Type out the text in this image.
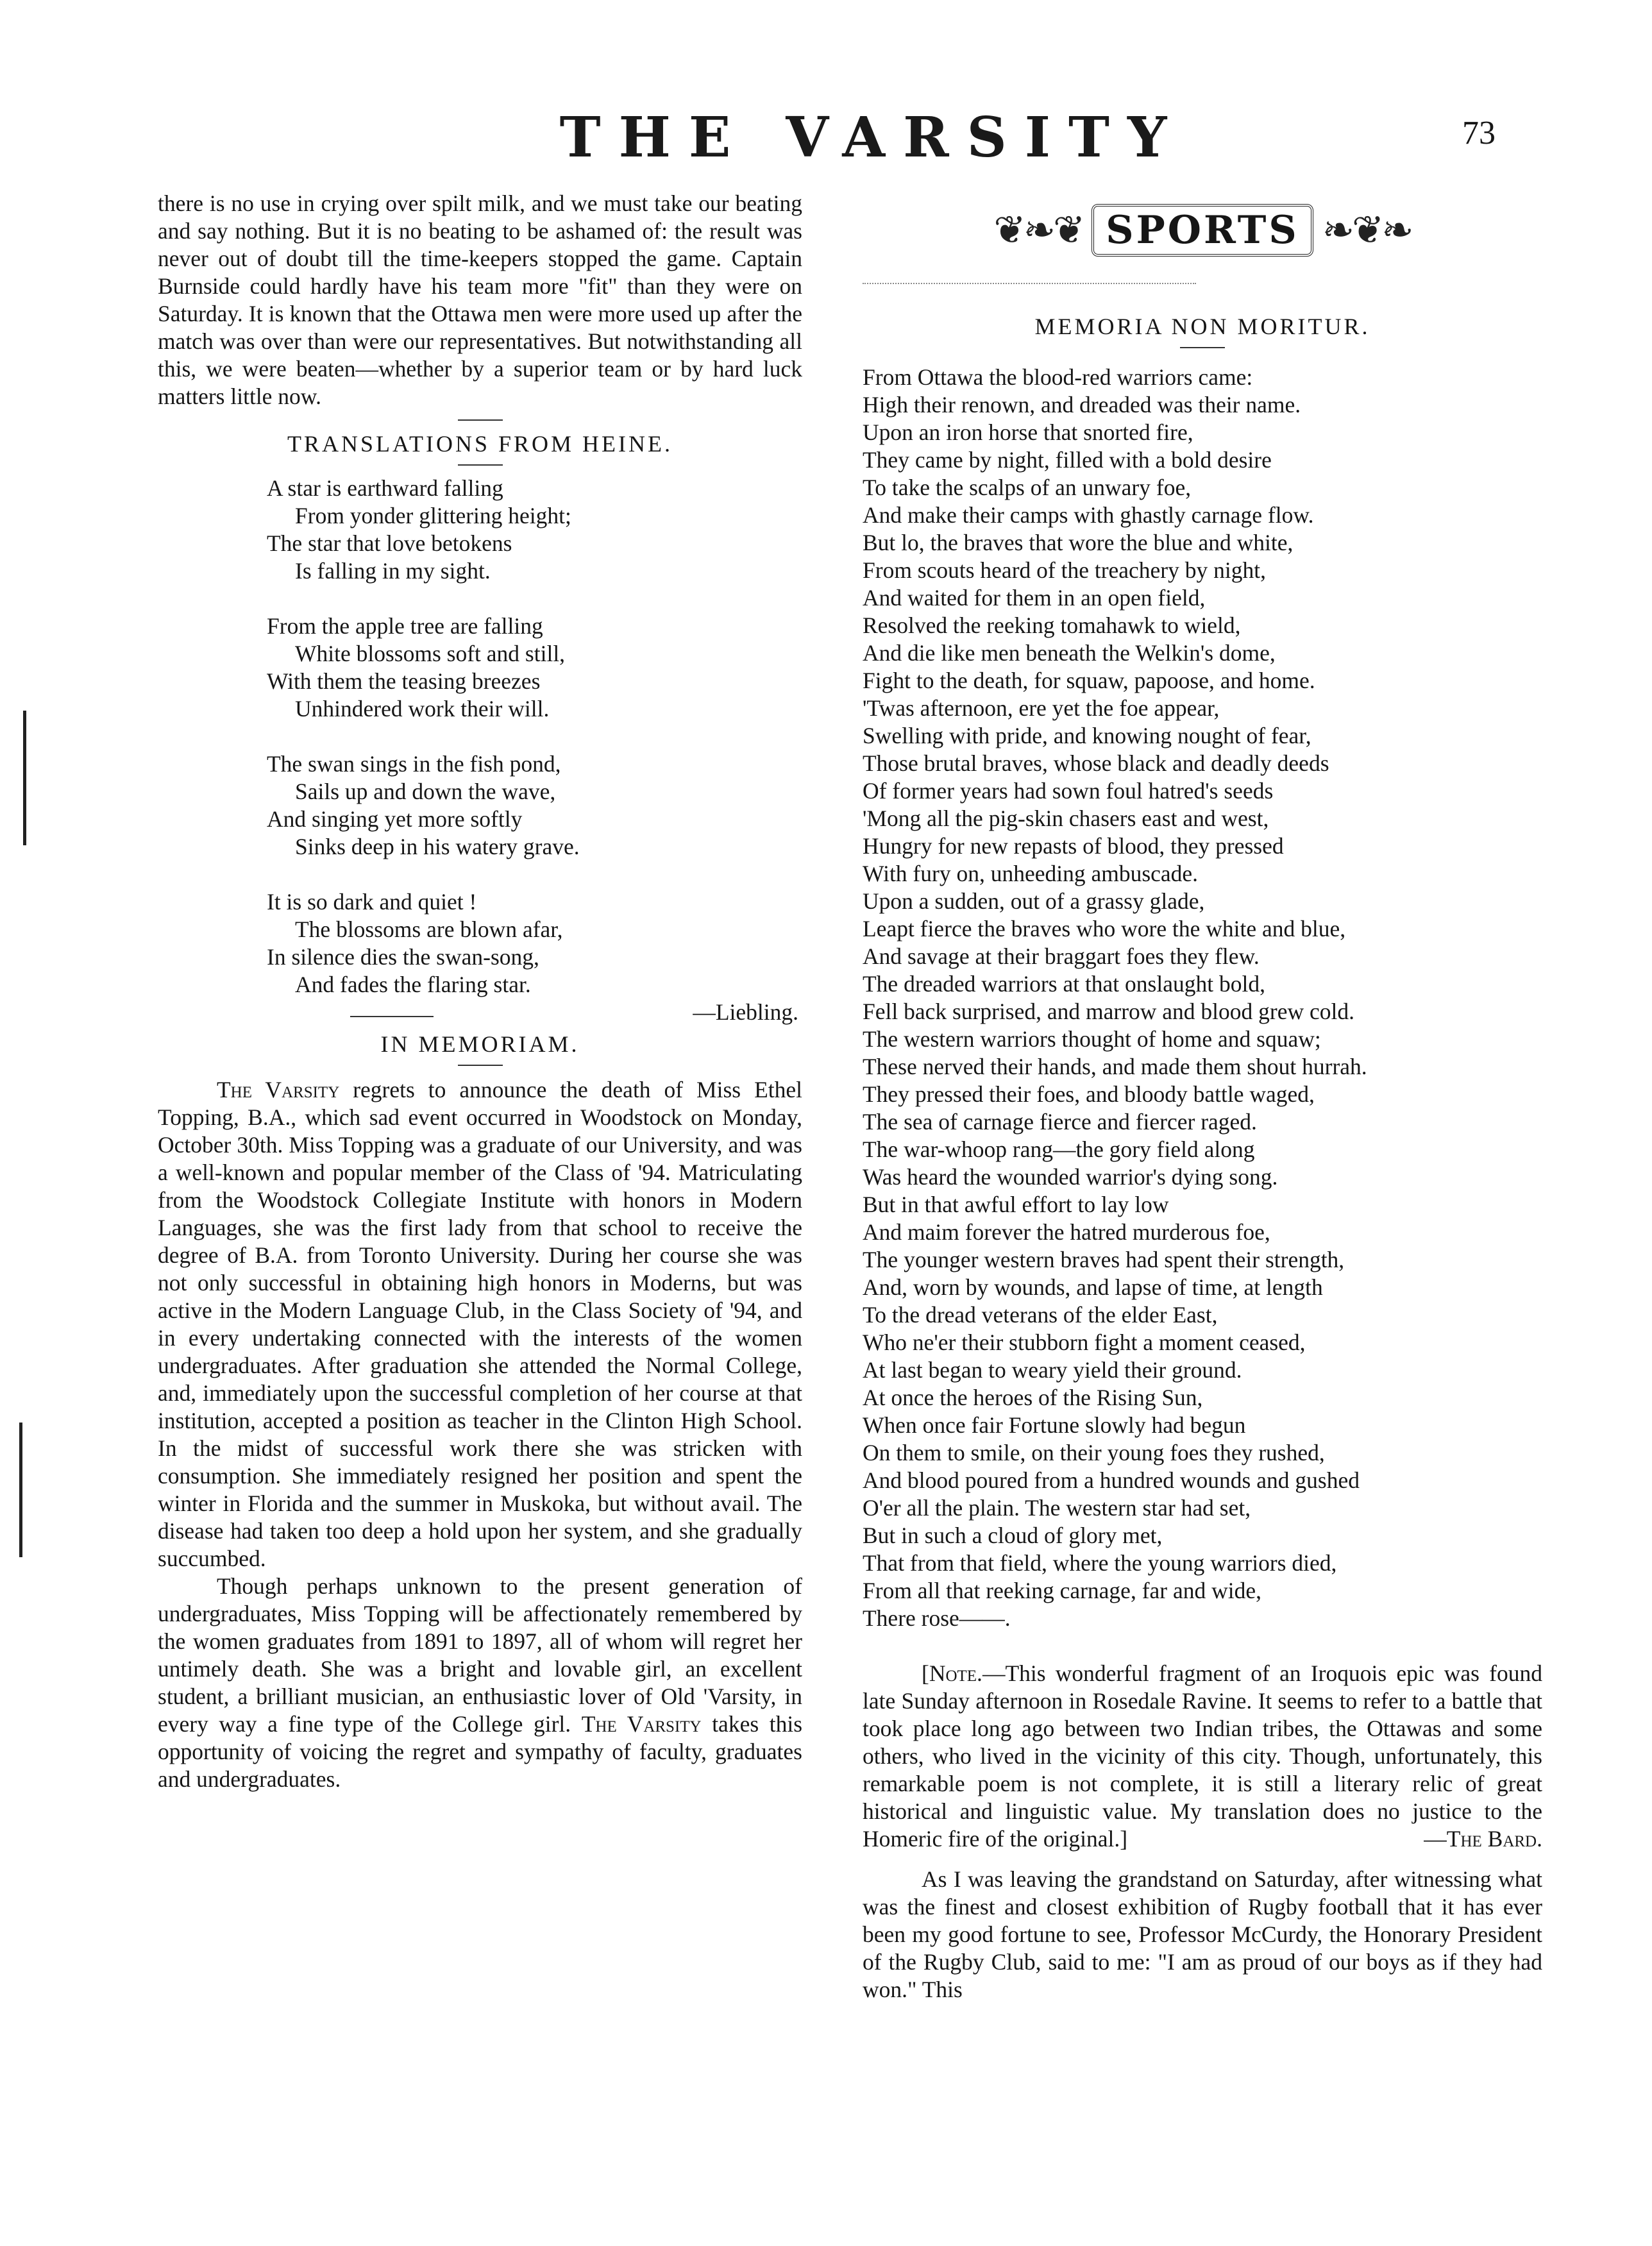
THE VARSITY	73

there is no use in crying over spilt milk, and we must take our beating and say nothing. But it is no beating to be ashamed of: the result was never out of doubt till the time-keepers stopped the game. Captain Burnside could hardly have his team more "fit" than they were on Saturday. It is known that the Ottawa men were more used up after the match was over than were our representatives. But notwithstanding all this, we were beaten—whether by a superior team or by hard luck matters little now.

TRANSLATIONS FROM HEINE.

A star is earthward falling
From yonder glittering height;
The star that love betokens
Is falling in my sight.
From the apple tree are falling
White blossoms soft and still,
With them the teasing breezes
Unhindered work their will.
The swan sings in the fish pond,
Sails up and down the wave,
And singing yet more softly
Sinks deep in his watery grave.
It is so dark and quiet !
The blossoms are blown afar,
In silence dies the swan-song,
And fades the flaring star.

—Liebling.

IN MEMORIAM.

The Varsity regrets to announce the death of Miss Ethel Topping, B.A., which sad event occurred in Woodstock on Monday, October 30th. Miss Topping was a graduate of our University, and was a well-known and popular member of the Class of '94. Matriculating from the Woodstock Collegiate Institute with honors in Modern Languages, she was the first lady from that school to receive the degree of B.A. from Toronto University. During her course she was not only successful in obtaining high honors in Moderns, but was active in the Modern Language Club, in the Class Society of '94, and in every undertaking connected with the interests of the women undergraduates. After graduation she attended the Normal College, and, immediately upon the successful completion of her course at that institution, accepted a position as teacher in the Clinton High School. In the midst of successful work there she was stricken with consumption. She immediately resigned her position and spent the winter in Florida and the summer in Muskoka, but without avail. The disease had taken too deep a hold upon her system, and she gradually succumbed.

Though perhaps unknown to the present generation of undergraduates, Miss Topping will be affectionately remembered by the women graduates from 1891 to 1897, all of whom will regret her untimely death. She was a bright and lovable girl, an excellent student, a brilliant musician, an enthusiastic lover of Old 'Varsity, in every way a fine type of the College girl. The Varsity takes this opportunity of voicing the regret and sympathy of faculty, graduates and undergraduates.

❦❧❦ SPORTS ❧❦❧

MEMORIA NON MORITUR.

From Ottawa the blood-red warriors came:
High their renown, and dreaded was their name.
Upon an iron horse that snorted fire,
They came by night, filled with a bold desire
To take the scalps of an unwary foe,
And make their camps with ghastly carnage flow.
But lo, the braves that wore the blue and white,
From scouts heard of the treachery by night,
And waited for them in an open field,
Resolved the reeking tomahawk to wield,
And die like men beneath the Welkin's dome,
Fight to the death, for squaw, papoose, and home.
'Twas afternoon, ere yet the foe appear,
Swelling with pride, and knowing nought of fear,
Those brutal braves, whose black and deadly deeds
Of former years had sown foul hatred's seeds
'Mong all the pig-skin chasers east and west,
Hungry for new repasts of blood, they pressed
With fury on, unheeding ambuscade.
Upon a sudden, out of a grassy glade,
Leapt fierce the braves who wore the white and blue,
And savage at their braggart foes they flew.
The dreaded warriors at that onslaught bold,
Fell back surprised, and marrow and blood grew cold.
The western warriors thought of home and squaw;
These nerved their hands, and made them shout hurrah.
They pressed their foes, and bloody battle waged,
The sea of carnage fierce and fiercer raged.
The war-whoop rang—the gory field along
Was heard the wounded warrior's dying song.
But in that awful effort to lay low
And maim forever the hatred murderous foe,
The younger western braves had spent their strength,
And, worn by wounds, and lapse of time, at length
To the dread veterans of the elder East,
Who ne'er their stubborn fight a moment ceased,
At last began to weary yield their ground.
At once the heroes of the Rising Sun,
When once fair Fortune slowly had begun
On them to smile, on their young foes they rushed,
And blood poured from a hundred wounds and gushed
O'er all the plain. The western star had set,
But in such a cloud of glory met,
That from that field, where the young warriors died,
From all that reeking carnage, far and wide,
There rose——.

[Note.—This wonderful fragment of an Iroquois epic was found late Sunday afternoon in Rosedale Ravine. It seems to refer to a battle that took place long ago between two Indian tribes, the Ottawas and some others, who lived in the vicinity of this city. Though, unfortunately, this remarkable poem is not complete, it is still a literary relic of great historical and linguistic value. My translation does no justice to the Homeric fire of the original.]	—The Bard.

As I was leaving the grandstand on Saturday, after witnessing what was the finest and closest exhibition of Rugby football that it has ever been my good fortune to see, Professor McCurdy, the Honorary President of the Rugby Club, said to me: "I am as proud of our boys as if they had won." This
